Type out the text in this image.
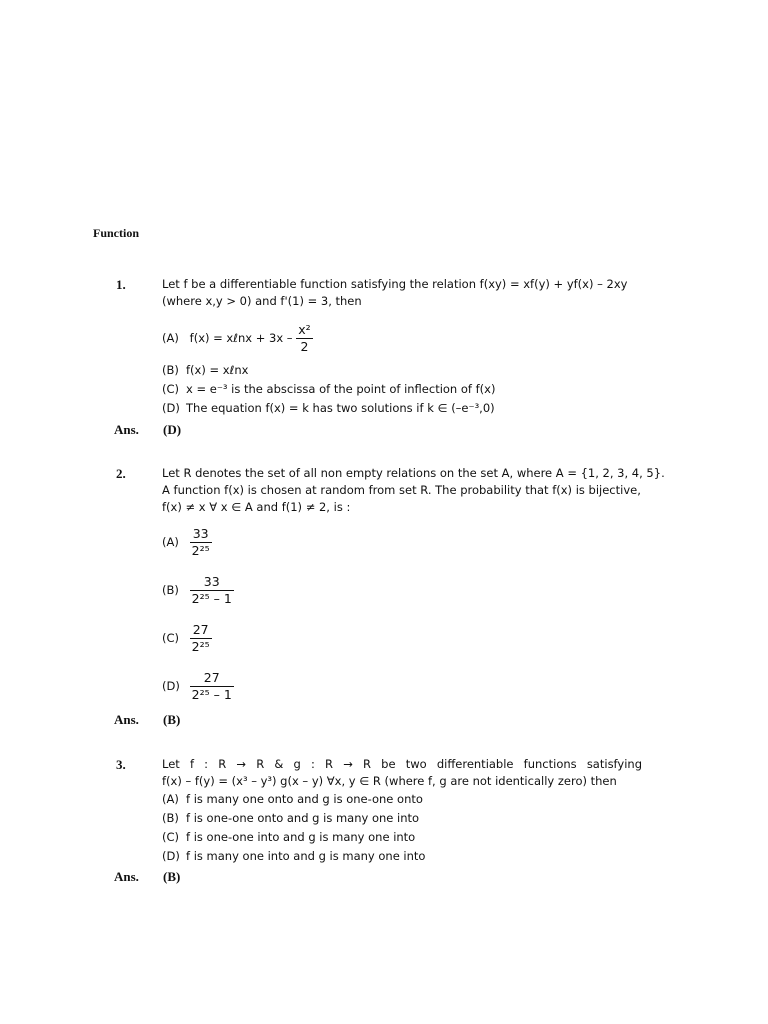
Function
1.	Let f be a differentiable function satisfying the relation f(xy) = xf(y) + yf(x) – 2xy
(where x,y > 0) and f'(1) = 3, then
(A) f(x) = xℓnx + $3x - \frac{\text{x²}}{2}$
(B) f(x) = xℓnx
(C) x = e⁻³ is the abscissa of the point of inflection of f(x)
(D) The equation f(x) = k has two solutions if k ∈ (–e⁻³,0)
Ans. (D)
2.	Let R denotes the set of all non empty relations on the set A, where A = {1, 2, 3, 4, 5}.
A function f(x) is chosen at random from set R. The probability that f(x) is bijective,
f(x) ≠ x ∀ x ∈ A and f(1) ≠ 2, is :
$(A) \frac{33}{\text{2²⁵}}$
$(B) \frac{33}{\text{2²⁵ – 1}}$
$(C) \frac{27}{\text{2²⁵}}$
$(D) \frac{27}{\text{2²⁵ – 1}}$
Ans. (B)
3.	Let f : R → R & g : R → R be two differentiable functions satisfying
f(x) – f(y) = (x³ – y³) g(x – y) ∀x, y ∈ R (where f, g are not identically zero) then
(A) f is many one onto and g is one-one onto
(B) f is one-one onto and g is many one into
(C) f is one-one into and g is many one into
(D) f is many one into and g is many one into
Ans. (B)
